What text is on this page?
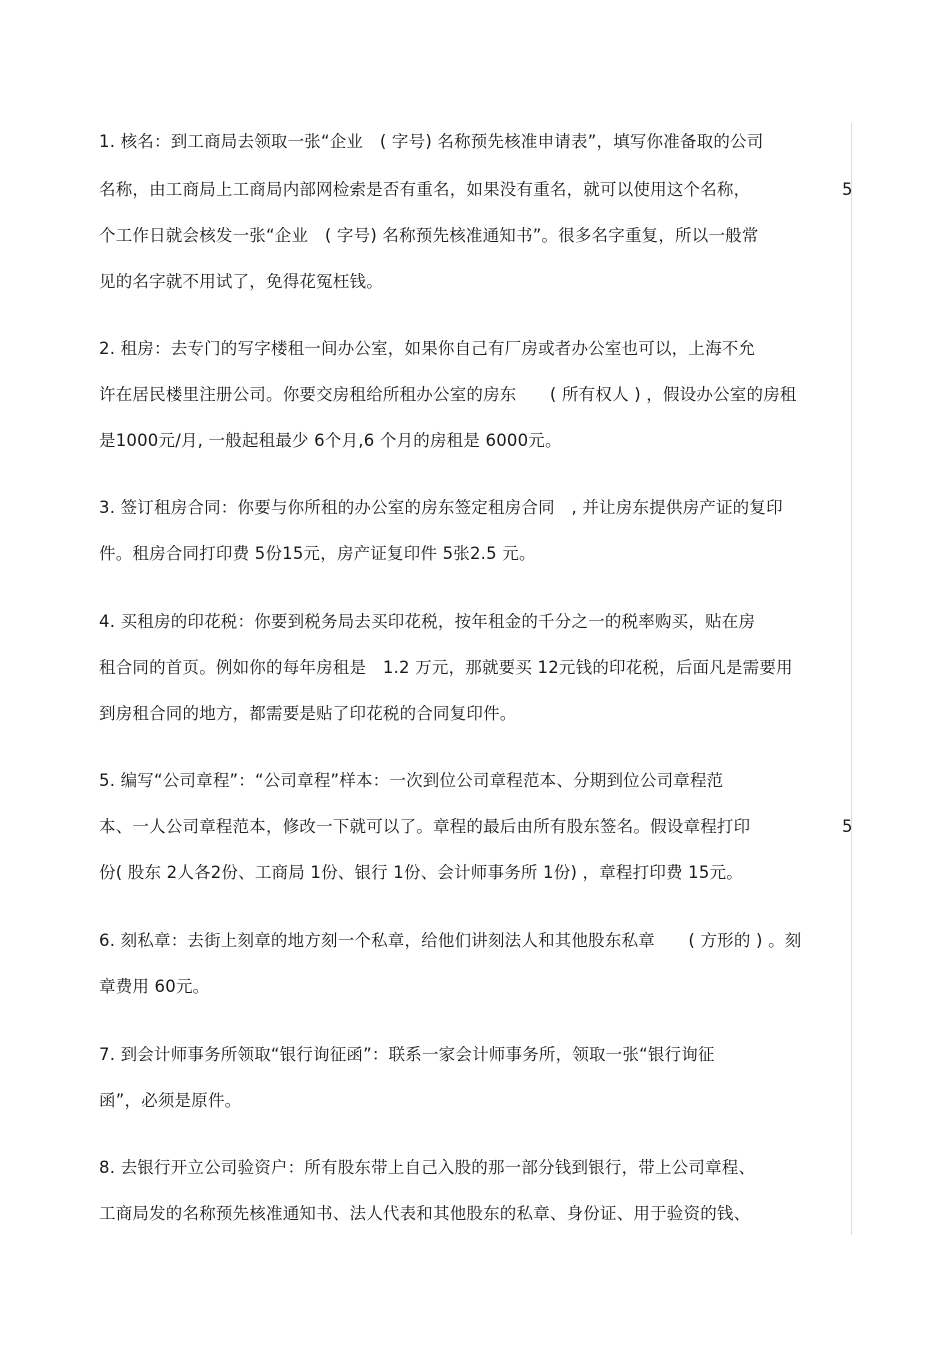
1. 核名：到工商局去领取一张“企业　( 字号) 名称预先核准申请表”，填写你准备取的公司
名称，由工商局上工商局内部网检索是否有重名，如果没有重名，就可以使用这个名称，	5
个工作日就会核发一张“企业　( 字号) 名称预先核准通知书”。很多名字重复，所以一般常
见的名字就不用试了，免得花冤枉钱。
2. 租房：去专门的写字楼租一间办公室，如果你自己有厂房或者办公室也可以，上海不允
许在居民楼里注册公司。你要交房租给所租办公室的房东　　( 所有权人 ) ，假设办公室的房租
是1000元/月, 一般起租最少 6个月,6 个月的房租是 6000元。
3. 签订租房合同：你要与你所租的办公室的房东签定租房合同　, 并让房东提供房产证的复印
件。租房合同打印费 5份15元，房产证复印件 5张2.5 元。
4. 买租房的印花税：你要到税务局去买印花税，按年租金的千分之一的税率购买，贴在房
租合同的首页。例如你的每年房租是　1.2 万元，那就要买 12元钱的印花税，后面凡是需要用
到房租合同的地方，都需要是贴了印花税的合同复印件。
5. 编写“公司章程”：“公司章程”样本：一次到位公司章程范本、分期到位公司章程范
本、一人公司章程范本，修改一下就可以了。章程的最后由所有股东签名。假设章程打印	5
份( 股东 2人各2份、工商局 1份、银行 1份、会计师事务所 1份) ，章程打印费 15元。
6. 刻私章：去街上刻章的地方刻一个私章，给他们讲刻法人和其他股东私章　　( 方形的 ) 。刻
章费用 60元。
7. 到会计师事务所领取“银行询征函”：联系一家会计师事务所，领取一张“银行询征
函”，必须是原件。
8. 去银行开立公司验资户：所有股东带上自己入股的那一部分钱到银行，带上公司章程、
工商局发的名称预先核准通知书、法人代表和其他股东的私章、身份证、用于验资的钱、
